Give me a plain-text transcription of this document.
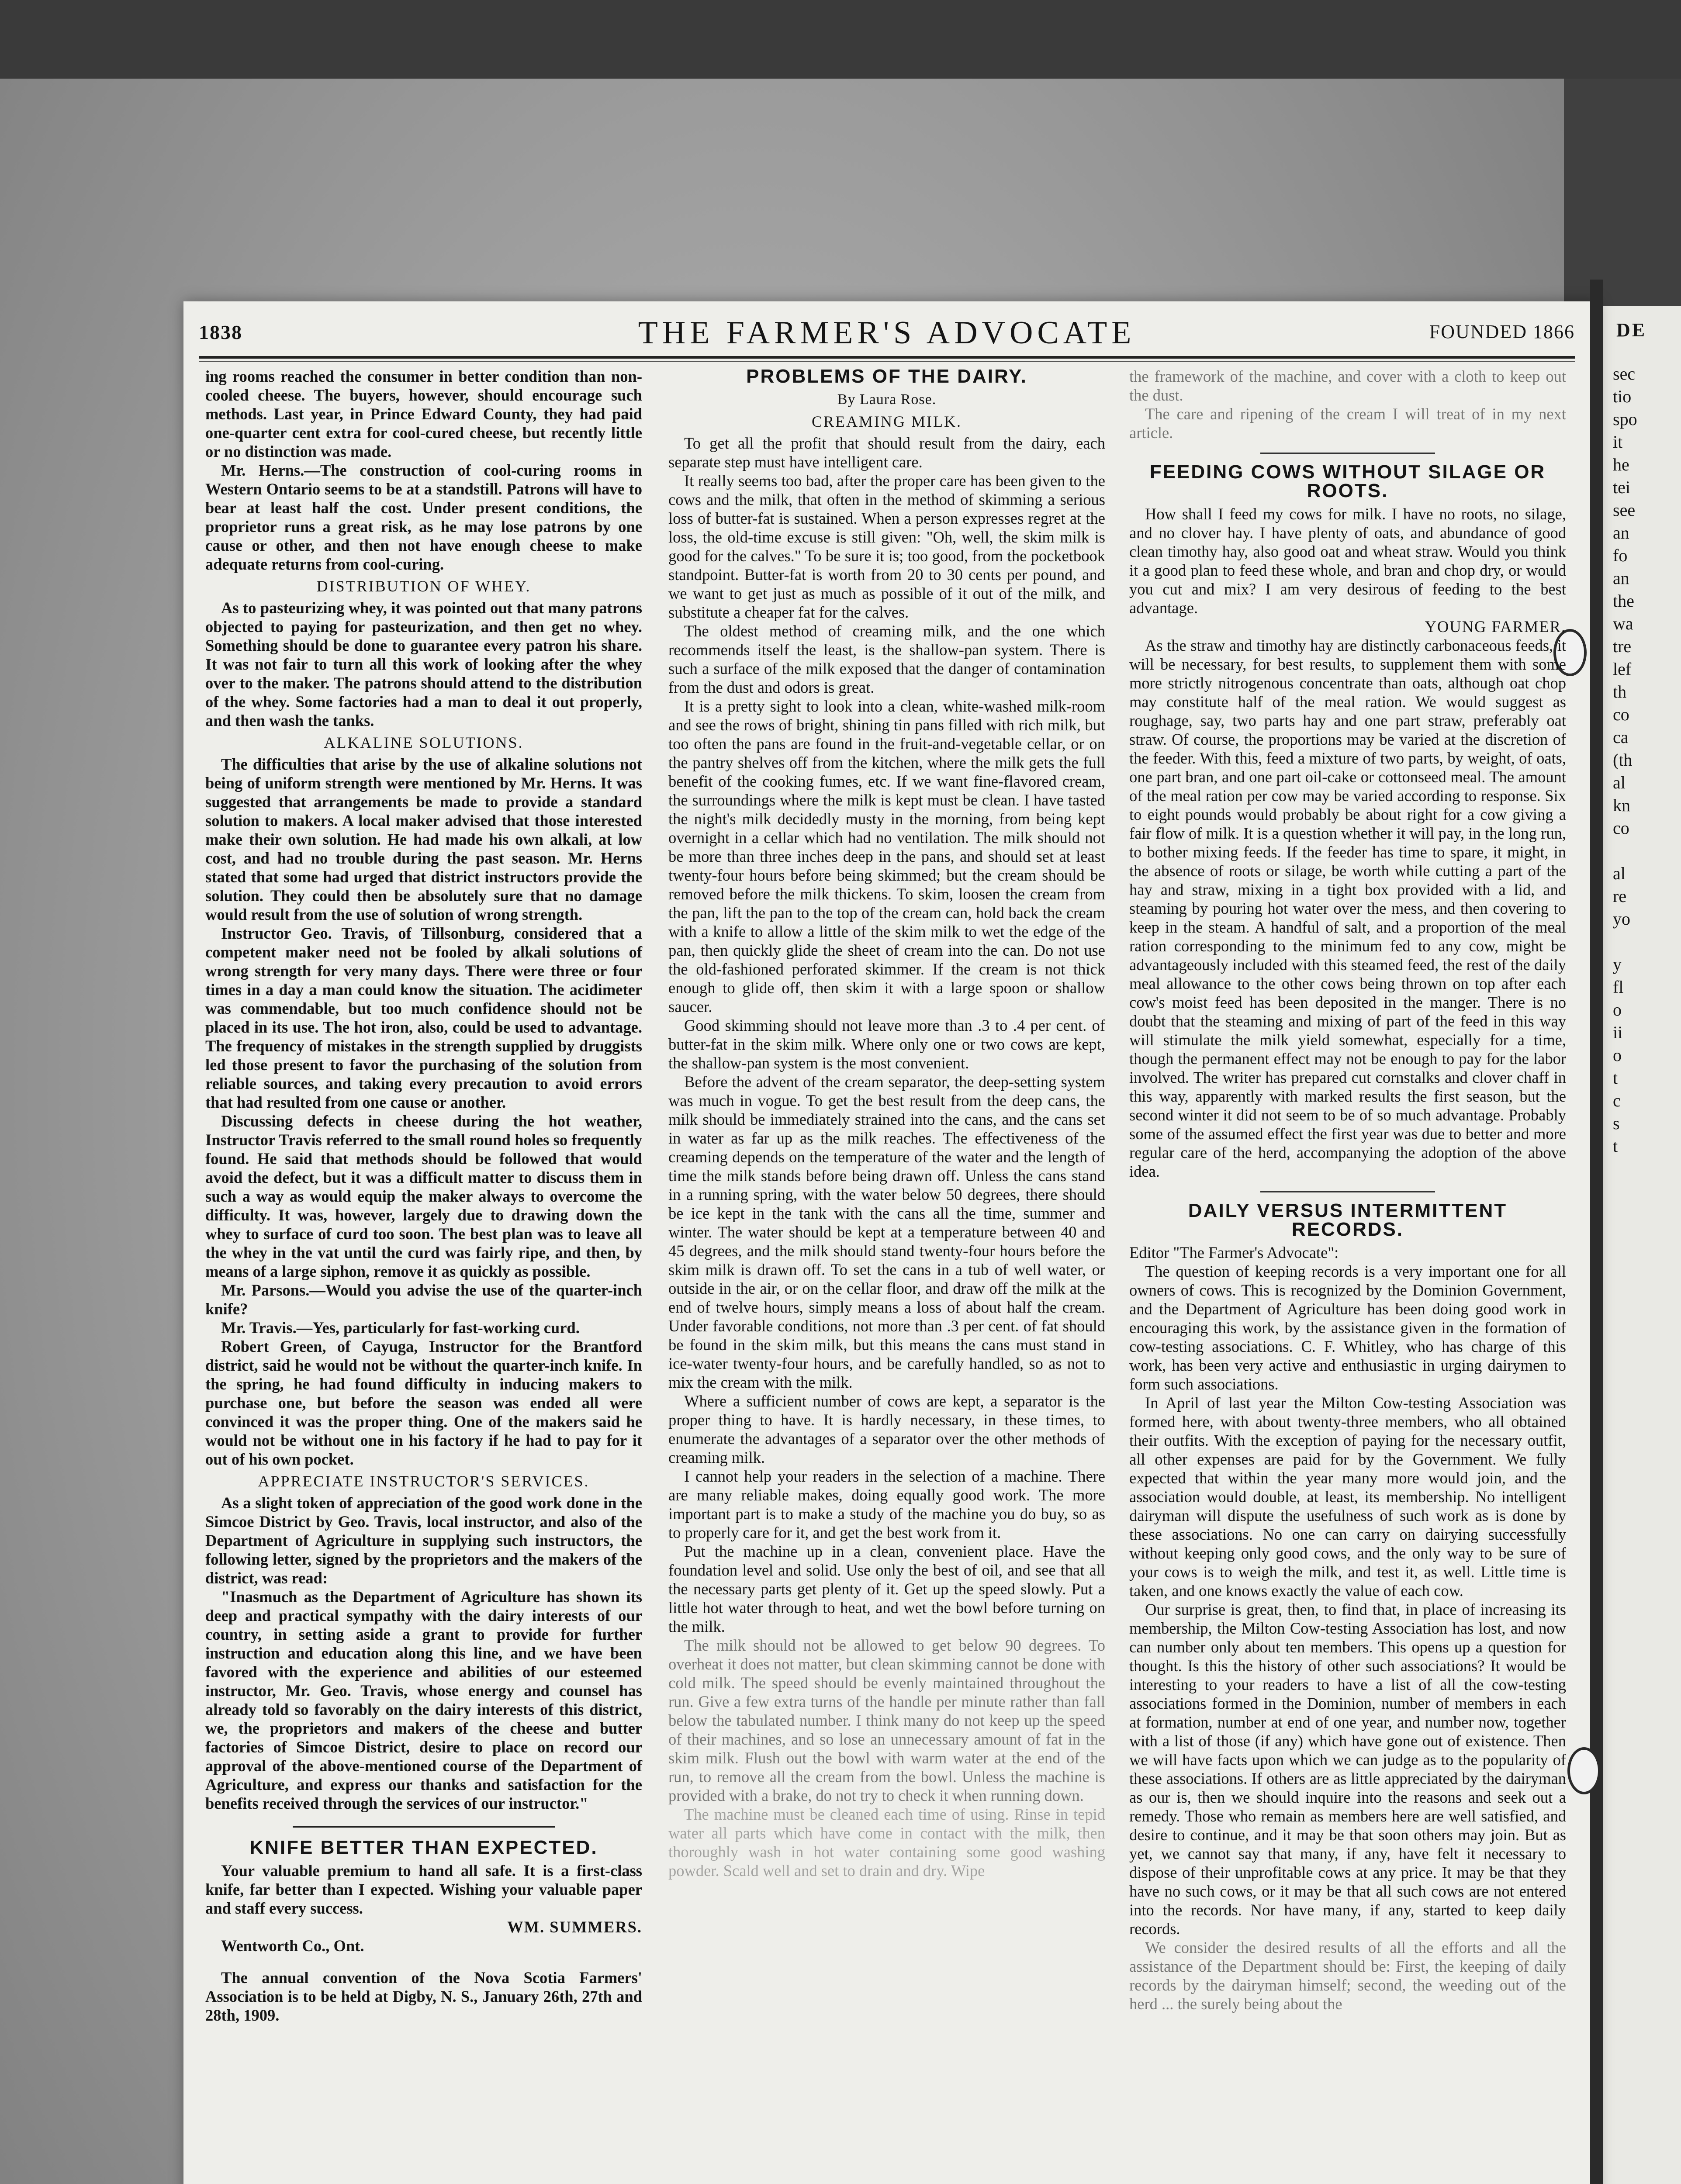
DE
sec
tio
spo
it
he
tei
see
an
fo
an
the
wa
tre
lef
th
co
ca
(th
al
kn
co
al
re
yo
y
fl
o
ii
o
t
c
s
t
1838	THE FARMER'S ADVOCATE	FOUNDED 1866

ing rooms reached the consumer in better condition than non-cooled cheese. The buyers, however, should encourage such methods. Last year, in Prince Edward County, they had paid one-quarter cent extra for cool-cured cheese, but recently little or no distinction was made.

Mr. Herns.—The construction of cool-curing rooms in Western Ontario seems to be at a standstill. Patrons will have to bear at least half the cost. Under present conditions, the proprietor runs a great risk, as he may lose patrons by one cause or other, and then not have enough cheese to make adequate returns from cool-curing.

DISTRIBUTION OF WHEY.

As to pasteurizing whey, it was pointed out that many patrons objected to paying for pasteurization, and then get no whey. Something should be done to guarantee every patron his share. It was not fair to turn all this work of looking after the whey over to the maker. The patrons should attend to the distribution of the whey. Some factories had a man to deal it out properly, and then wash the tanks.

ALKALINE SOLUTIONS.

The difficulties that arise by the use of alkaline solutions not being of uniform strength were mentioned by Mr. Herns. It was suggested that arrangements be made to provide a standard solution to makers. A local maker advised that those interested make their own solution. He had made his own alkali, at low cost, and had no trouble during the past season. Mr. Herns stated that some had urged that district instructors provide the solution. They could then be absolutely sure that no damage would result from the use of solution of wrong strength.

Instructor Geo. Travis, of Tillsonburg, considered that a competent maker need not be fooled by alkali solutions of wrong strength for very many days. There were three or four times in a day a man could know the situation. The acidimeter was commendable, but too much confidence should not be placed in its use. The hot iron, also, could be used to advantage. The frequency of mistakes in the strength supplied by druggists led those present to favor the purchasing of the solution from reliable sources, and taking every precaution to avoid errors that had resulted from one cause or another.

Discussing defects in cheese during the hot weather, Instructor Travis referred to the small round holes so frequently found. He said that methods should be followed that would avoid the defect, but it was a difficult matter to discuss them in such a way as would equip the maker always to overcome the difficulty. It was, however, largely due to drawing down the whey to surface of curd too soon. The best plan was to leave all the whey in the vat until the curd was fairly ripe, and then, by means of a large siphon, remove it as quickly as possible.

Mr. Parsons.—Would you advise the use of the quarter-inch knife?

Mr. Travis.—Yes, particularly for fast-working curd.

Robert Green, of Cayuga, Instructor for the Brantford district, said he would not be without the quarter-inch knife. In the spring, he had found difficulty in inducing makers to purchase one, but before the season was ended all were convinced it was the proper thing. One of the makers said he would not be without one in his factory if he had to pay for it out of his own pocket.

APPRECIATE INSTRUCTOR'S SERVICES.

As a slight token of appreciation of the good work done in the Simcoe District by Geo. Travis, local instructor, and also of the Department of Agriculture in supplying such instructors, the following letter, signed by the proprietors and the makers of the district, was read:

"Inasmuch as the Department of Agriculture has shown its deep and practical sympathy with the dairy interests of our country, in setting aside a grant to provide for further instruction and education along this line, and we have been favored with the experience and abilities of our esteemed instructor, Mr. Geo. Travis, whose energy and counsel has already told so favorably on the dairy interests of this district, we, the proprietors and makers of the cheese and butter factories of Simcoe District, desire to place on record our approval of the above-mentioned course of the Department of Agriculture, and express our thanks and satisfaction for the benefits received through the services of our instructor."

KNIFE BETTER THAN EXPECTED.

Your valuable premium to hand all safe. It is a first-class knife, far better than I expected. Wishing your valuable paper and staff every success.

WM. SUMMERS.

Wentworth Co., Ont.

The annual convention of the Nova Scotia Farmers' Association is to be held at Digby, N. S., January 26th, 27th and 28th, 1909.

PROBLEMS OF THE DAIRY.
By Laura Rose.
CREAMING MILK.

To get all the profit that should result from the dairy, each separate step must have intelligent care.

It really seems too bad, after the proper care has been given to the cows and the milk, that often in the method of skimming a serious loss of butter-fat is sustained. When a person expresses regret at the loss, the old-time excuse is still given: "Oh, well, the skim milk is good for the calves." To be sure it is; too good, from the pocketbook standpoint. Butter-fat is worth from 20 to 30 cents per pound, and we want to get just as much as possible of it out of the milk, and substitute a cheaper fat for the calves.

The oldest method of creaming milk, and the one which recommends itself the least, is the shallow-pan system. There is such a surface of the milk exposed that the danger of contamination from the dust and odors is great.

It is a pretty sight to look into a clean, white-washed milk-room and see the rows of bright, shining tin pans filled with rich milk, but too often the pans are found in the fruit-and-vegetable cellar, or on the pantry shelves off from the kitchen, where the milk gets the full benefit of the cooking fumes, etc. If we want fine-flavored cream, the surroundings where the milk is kept must be clean. I have tasted the night's milk decidedly musty in the morning, from being kept overnight in a cellar which had no ventilation. The milk should not be more than three inches deep in the pans, and should set at least twenty-four hours before being skimmed; but the cream should be removed before the milk thickens. To skim, loosen the cream from the pan, lift the pan to the top of the cream can, hold back the cream with a knife to allow a little of the skim milk to wet the edge of the pan, then quickly glide the sheet of cream into the can. Do not use the old-fashioned perforated skimmer. If the cream is not thick enough to glide off, then skim it with a large spoon or shallow saucer.

Good skimming should not leave more than .3 to .4 per cent. of butter-fat in the skim milk. Where only one or two cows are kept, the shallow-pan system is the most convenient.

Before the advent of the cream separator, the deep-setting system was much in vogue. To get the best result from the deep cans, the milk should be immediately strained into the cans, and the cans set in water as far up as the milk reaches. The effectiveness of the creaming depends on the temperature of the water and the length of time the milk stands before being drawn off. Unless the cans stand in a running spring, with the water below 50 degrees, there should be ice kept in the tank with the cans all the time, summer and winter. The water should be kept at a temperature between 40 and 45 degrees, and the milk should stand twenty-four hours before the skim milk is drawn off. To set the cans in a tub of well water, or outside in the air, or on the cellar floor, and draw off the milk at the end of twelve hours, simply means a loss of about half the cream. Under favorable conditions, not more than .3 per cent. of fat should be found in the skim milk, but this means the cans must stand in ice-water twenty-four hours, and be carefully handled, so as not to mix the cream with the milk.

Where a sufficient number of cows are kept, a separator is the proper thing to have. It is hardly necessary, in these times, to enumerate the advantages of a separator over the other methods of creaming milk.

I cannot help your readers in the selection of a machine. There are many reliable makes, doing equally good work. The more important part is to make a study of the machine you do buy, so as to properly care for it, and get the best work from it.

Put the machine up in a clean, convenient place. Have the foundation level and solid. Use only the best of oil, and see that all the necessary parts get plenty of it. Get up the speed slowly. Put a little hot water through to heat, and wet the bowl before turning on the milk.

The milk should not be allowed to get below 90 degrees. To overheat it does not matter, but clean skimming cannot be done with cold milk. The speed should be evenly maintained throughout the run. Give a few extra turns of the handle per minute rather than fall below the tabulated number. I think many do not keep up the speed of their machines, and so lose an unnecessary amount of fat in the skim milk. Flush out the bowl with warm water at the end of the run, to remove all the cream from the bowl. Unless the machine is provided with a brake, do not try to check it when running down.

The machine must be cleaned each time of using. Rinse in tepid water all parts which have come in contact with the milk, then thoroughly wash in hot water containing some good washing powder. Scald well and set to drain and dry. Wipe

the framework of the machine, and cover with a cloth to keep out the dust.

The care and ripening of the cream I will treat of in my next article.

FEEDING COWS WITHOUT SILAGE OR ROOTS.

How shall I feed my cows for milk. I have no roots, no silage, and no clover hay. I have plenty of oats, and abundance of good clean timothy hay, also good oat and wheat straw. Would you think it a good plan to feed these whole, and bran and chop dry, or would you cut and mix? I am very desirous of feeding to the best advantage.

YOUNG FARMER.

As the straw and timothy hay are distinctly carbonaceous feeds, it will be necessary, for best results, to supplement them with some more strictly nitrogenous concentrate than oats, although oat chop may constitute half of the meal ration. We would suggest as roughage, say, two parts hay and one part straw, preferably oat straw. Of course, the proportions may be varied at the discretion of the feeder. With this, feed a mixture of two parts, by weight, of oats, one part bran, and one part oil-cake or cottonseed meal. The amount of the meal ration per cow may be varied according to response. Six to eight pounds would probably be about right for a cow giving a fair flow of milk. It is a question whether it will pay, in the long run, to bother mixing feeds. If the feeder has time to spare, it might, in the absence of roots or silage, be worth while cutting a part of the hay and straw, mixing in a tight box provided with a lid, and steaming by pouring hot water over the mess, and then covering to keep in the steam. A handful of salt, and a proportion of the meal ration corresponding to the minimum fed to any cow, might be advantageously included with this steamed feed, the rest of the daily meal allowance to the other cows being thrown on top after each cow's moist feed has been deposited in the manger. There is no doubt that the steaming and mixing of part of the feed in this way will stimulate the milk yield somewhat, especially for a time, though the permanent effect may not be enough to pay for the labor involved. The writer has prepared cut cornstalks and clover chaff in this way, apparently with marked results the first season, but the second winter it did not seem to be of so much advantage. Probably some of the assumed effect the first year was due to better and more regular care of the herd, accompanying the adoption of the above idea.

DAILY VERSUS INTERMITTENT RECORDS.

Editor "The Farmer's Advocate":

The question of keeping records is a very important one for all owners of cows. This is recognized by the Dominion Government, and the Department of Agriculture has been doing good work in encouraging this work, by the assistance given in the formation of cow-testing associations. C. F. Whitley, who has charge of this work, has been very active and enthusiastic in urging dairymen to form such associations.

In April of last year the Milton Cow-testing Association was formed here, with about twenty-three members, who all obtained their outfits. With the exception of paying for the necessary outfit, all other expenses are paid for by the Government. We fully expected that within the year many more would join, and the association would double, at least, its membership. No intelligent dairyman will dispute the usefulness of such work as is done by these associations. No one can carry on dairying successfully without keeping only good cows, and the only way to be sure of your cows is to weigh the milk, and test it, as well. Little time is taken, and one knows exactly the value of each cow.

Our surprise is great, then, to find that, in place of increasing its membership, the Milton Cow-testing Association has lost, and now can number only about ten members. This opens up a question for thought. Is this the history of other such associations? It would be interesting to your readers to have a list of all the cow-testing associations formed in the Dominion, number of members in each at formation, number at end of one year, and number now, together with a list of those (if any) which have gone out of existence. Then we will have facts upon which we can judge as to the popularity of these associations. If others are as little appreciated by the dairyman as our is, then we should inquire into the reasons and seek out a remedy. Those who remain as members here are well satisfied, and desire to continue, and it may be that soon others may join. But as yet, we cannot say that many, if any, have felt it necessary to dispose of their unprofitable cows at any price. It may be that they have no such cows, or it may be that all such cows are not entered into the records. Nor have many, if any, started to keep daily records.

We consider the desired results of all the efforts and all the assistance of the Department should be: First, the keeping of daily records by the dairyman himself; second, the weeding out of the herd ... the surely being about the
